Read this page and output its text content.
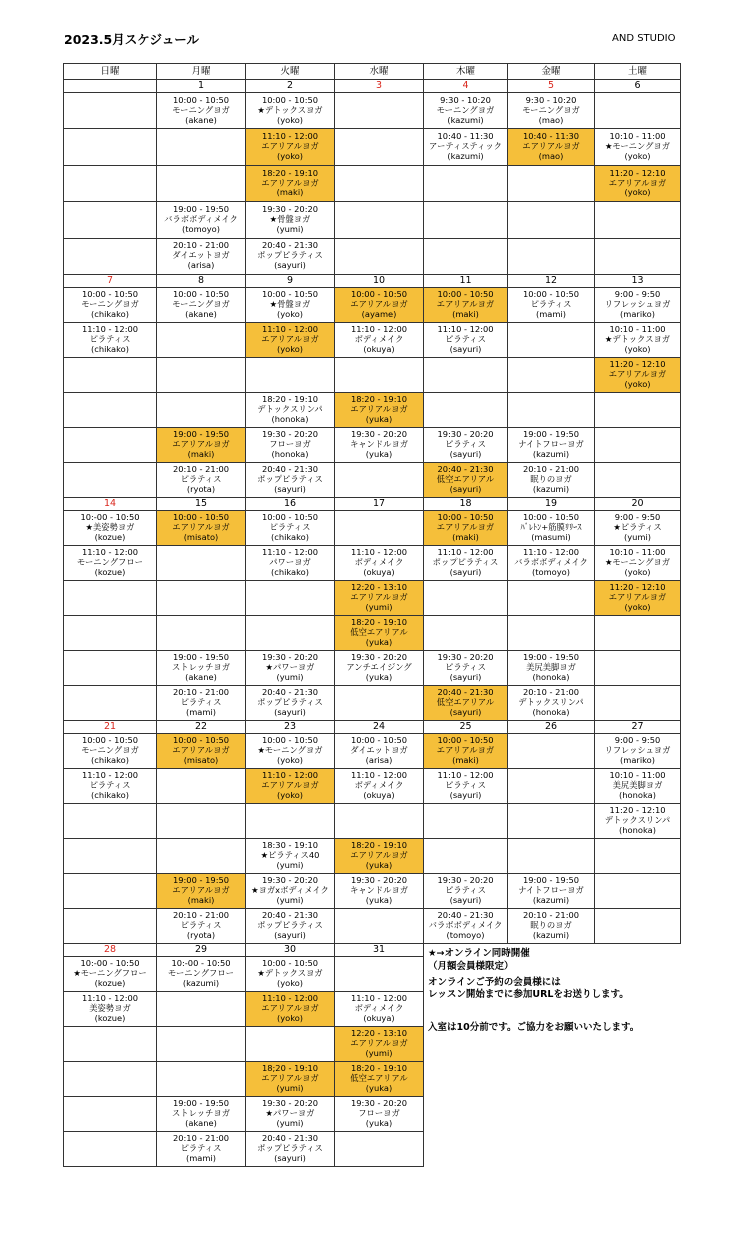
2023.5月スケジュール	AND STUDIO
日曜	月曜	火曜	水曜	木曜	金曜	土曜
	1	2	3	4	5	6

	10:00 - 10:50
モーニングヨガ
(akane)	10:00 - 10:50
★デトックスヨガ
(yoko)		9:30 - 10:20
モーニングヨガ
(kazumi)	9:30 - 10:20
モーニングヨガ
(mao)	

		11:10 - 12:00
エアリアルヨガ
(yoko)		10:40 - 11:30
アーティスティック
(kazumi)	10:40 - 11:30
エアリアルヨガ
(mao)	10:10 - 11:00
★モーニングヨガ
(yoko)

		18:20 - 19:10
エアリアルヨガ
(maki)				11:20 - 12:10
エアリアルヨガ
(yoko)

	19:00 - 19:50
バラボボディメイク
(tomoyo)	19:30 - 20:20
★骨盤ヨガ
(yumi)				

	20:10 - 21:00
ダイエットヨガ
(arisa)	20:40 - 21:30
ポップピラティス
(sayuri)				

7	8	9	10	11	12	13

10:00 - 10:50
モーニングヨガ
(chikako)	10:00 - 10:50
モーニングヨガ
(akane)	10:00 - 10:50
★骨盤ヨガ
(yoko)	10:00 - 10:50
エアリアルヨガ
(ayame)	10:00 - 10:50
エアリアルヨガ
(maki)	10:00 - 10:50
ピラティス
(mami)	9:00 - 9:50
リフレッシュヨガ
(mariko)

11:10 - 12:00
ピラティス
(chikako)		11:10 - 12:00
エアリアルヨガ
(yoko)	11:10 - 12:00
ボディメイク
(okuya)	11:10 - 12:00
ピラティス
(sayuri)		10:10 - 11:00
★デトックスヨガ
(yoko)

						11:20 - 12:10
エアリアルヨガ
(yoko)

		18:20 - 19:10
デトックスリンパ
(honoka)	18:20 - 19:10
エアリアルヨガ
(yuka)			

	19:00 - 19:50
エアリアルヨガ
(maki)	19:30 - 20:20
フローヨガ
(honoka)	19:30 - 20:20
キャンドルヨガ
(yuka)	19:30 - 20:20
ピラティス
(sayuri)	19:00 - 19:50
ナイトフローヨガ
(kazumi)	

	20:10 - 21:00
ピラティス
(ryota)	20:40 - 21:30
ポップピラティス
(sayuri)		20:40 - 21:30
低空エアリアル
(sayuri)	20:10 - 21:00
眠りのヨガ
(kazumi)	

14	15	16	17	18	19	20

10:-00 - 10:50
★美姿勢ヨガ
(kozue)	10:00 - 10:50
エアリアルヨガ
(misato)	10:00 - 10:50
ピラティス
(chikako)		10:00 - 10:50
エアリアルヨガ
(maki)	10:00 - 10:50
ﾊﾞﾚﾄﾝ+筋膜ﾘﾘｰｽ
(masumi)	9:00 - 9:50
★ピラティス
(yumi)

11:10 - 12:00
モーニングフロー
(kozue)		11:10 - 12:00
パワーヨガ
(chikako)	11:10 - 12:00
ボディメイク
(okuya)	11:10 - 12:00
ポップピラティス
(sayuri)	11:10 - 12:00
バラボボディメイク
(tomoyo)	10:10 - 11:00
★モーニングヨガ
(yoko)

			12:20 - 13:10
エアリアルヨガ
(yumi)			11:20 - 12:10
エアリアルヨガ
(yoko)

			18:20 - 19:10
低空エアリアル
(yuka)			

	19:00 - 19:50
ストレッチヨガ
(akane)	19:30 - 20:20
★パワーヨガ
(yumi)	19:30 - 20:20
アンチエイジング
(yuka)	19:30 - 20:20
ピラティス
(sayuri)	19:00 - 19:50
美尻美脚ヨガ
(honoka)	

	20:10 - 21:00
ピラティス
(mami)	20:40 - 21:30
ポップピラティス
(sayuri)		20:40 - 21:30
低空エアリアル
(sayuri)	20:10 - 21:00
デトックスリンパ
(honoka)	

21	22	23	24	25	26	27

10:00 - 10:50
モーニングヨガ
(chikako)	10:00 - 10:50
エアリアルヨガ
(misato)	10:00 - 10:50
★モーニングヨガ
(yoko)	10:00 - 10:50
ダイエットヨガ
(arisa)	10:00 - 10:50
エアリアルヨガ
(maki)		9:00 - 9:50
リフレッシュヨガ
(mariko)

11:10 - 12:00
ピラティス
(chikako)		11:10 - 12:00
エアリアルヨガ
(yoko)	11:10 - 12:00
ボディメイク
(okuya)	11:10 - 12:00
ピラティス
(sayuri)		10:10 - 11:00
美尻美脚ヨガ
(honoka)

						11:20 - 12:10
デトックスリンパ
(honoka)

		18:30 - 19:10
★ピラティス40
(yumi)	18:20 - 19:10
エアリアルヨガ
(yuka)			

	19:00 - 19:50
エアリアルヨガ
(maki)	19:30 - 20:20
★ヨガxボディメイク
(yumi)	19:30 - 20:20
キャンドルヨガ
(yuka)	19:30 - 20:20
ピラティス
(sayuri)	19:00 - 19:50
ナイトフローヨガ
(kazumi)	

	20:10 - 21:00
ピラティス
(ryota)	20:40 - 21:30
ポップピラティス
(sayuri)		20:40 - 21:30
バラボボディメイク
(tomoyo)	20:10 - 21:00
眠りのヨガ
(kazumi)	

28	29	30	31	★→オンライン同時開催
（月額会員様限定）
オンラインご予約の会員様には
レッスン開始までに参加URLをお送りします。
入室は10分前です。ご協力をお願いいたします。		

10:-00 - 10:50
★モーニングフロー
(kozue)	10:-00 - 10:50
モーニングフロー
(kazumi)	10:00 - 10:50
★デトックスヨガ
(yoko)				

11:10 - 12:00
美姿勢ヨガ
(kozue)		11:10 - 12:00
エアリアルヨガ
(yoko)	11:10 - 12:00
ボディメイク
(okuya)			

			12:20 - 13:10
エアリアルヨガ
(yumi)			

		18;20 - 19:10
エアリアルヨガ
(yumi)	18:20 - 19:10
低空エアリアル
(yuka)			

	19:00 - 19:50
ストレッチヨガ
(akane)	19:30 - 20:20
★パワーヨガ
(yumi)	19:30 - 20:20
フローヨガ
(yuka)			

	20:10 - 21:00
ピラティス
(mami)	20:40 - 21:30
ポップピラティス
(sayuri)				
